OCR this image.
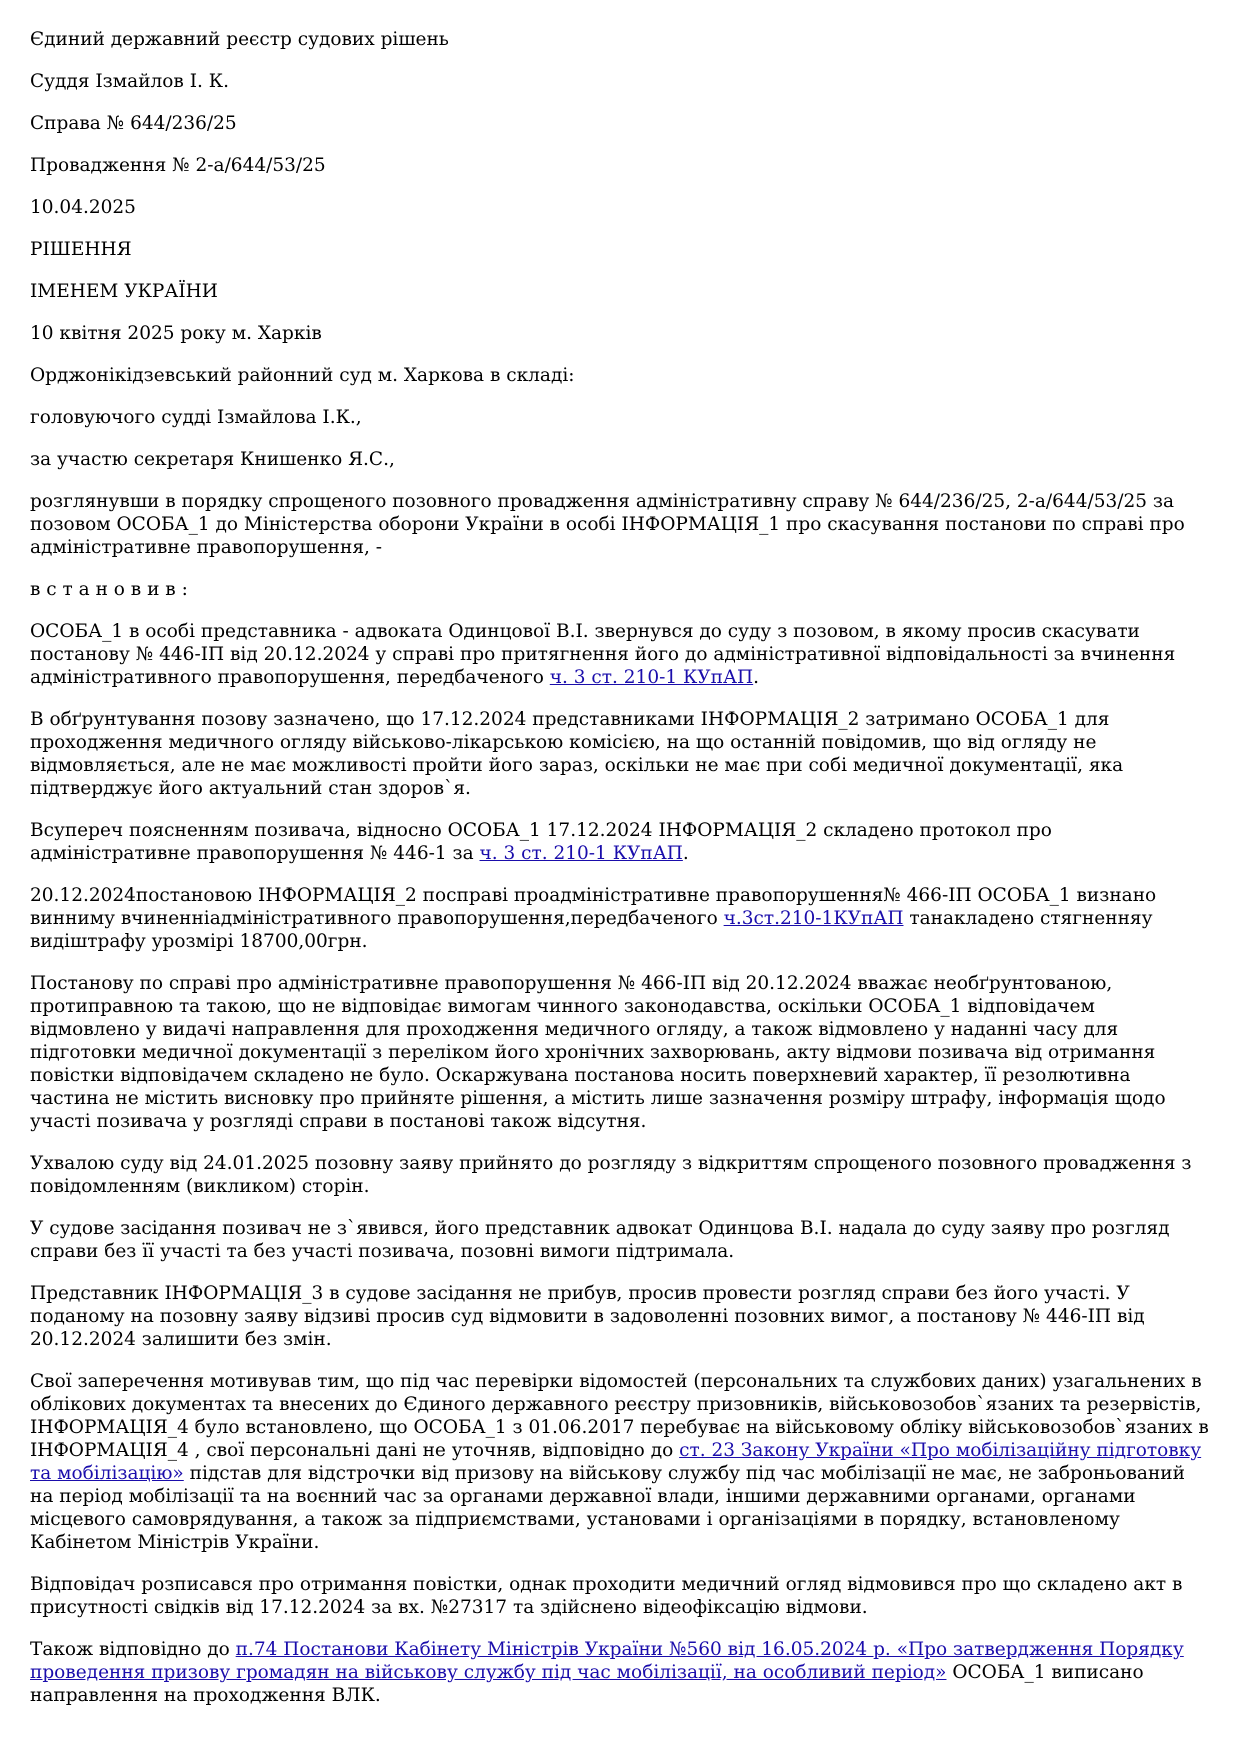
Єдиний державний реєстр судових рішень

Суддя Ізмайлов І. К.

Справа № 644/236/25

Провадження № 2-а/644/53/25

10.04.2025

РІШЕННЯ

ІМЕНЕМ УКРАЇНИ

10 квітня 2025 року м. Харків

Орджонікідзевський районний суд м. Харкова в складі:

головуючого судді Ізмайлова І.К.,

за участю секретаря Книшенко Я.С.,

розглянувши в порядку спрощеного позовного провадження адміністративну справу № 644/236/25, 2-а/644/53/25 за позовом ОСОБА_1 до Міністерства оборони України в особі ІНФОРМАЦІЯ_1 про скасування постанови по справі про адміністративне правопорушення, -

в с т а н о в и в :

ОСОБА_1 в особі представника - адвоката Одинцової В.І. звернувся до суду з позовом, в якому просив скасувати постанову № 446-ІП від 20.12.2024 у справі про притягнення його до адміністративної відповідальності за вчинення адміністративного правопорушення, передбаченого ч. 3 ст. 210-1 КУпАП.

В обґрунтування позову зазначено, що 17.12.2024 представниками ІНФОРМАЦІЯ_2 затримано ОСОБА_1 для проходження медичного огляду військово-лікарською комісією, на що останній повідомив, що від огляду не відмовляється, але не має можливості пройти його зараз, оскільки не має при собі медичної документації, яка підтверджує його актуальний стан здоров`я.

Всупереч поясненням позивача, відносно ОСОБА_1 17.12.2024 ІНФОРМАЦІЯ_2 складено протокол про адміністративне правопорушення № 446-1 за ч. 3 ст. 210-1 КУпАП.

20.12.2024постановою ІНФОРМАЦІЯ_2 посправі проадміністративне правопорушення№ 466-ІП ОСОБА_1 визнано винниму вчиненніадміністративного правопорушення,передбаченого ч.3ст.210-1КУпАП танакладено стягненняу видіштрафу урозмірі 18700,00грн.

Постанову по справі про адміністративне правопорушення № 466-ІП від 20.12.2024 вважає необґрунтованою, протиправною та такою, що не відповідає вимогам чинного законодавства, оскільки ОСОБА_1 відповідачем відмовлено у видачі направлення для проходження медичного огляду, а також відмовлено у наданні часу для підготовки медичної документації з переліком його хронічних захворювань, акту відмови позивача від отримання повістки відповідачем складено не було. Оскаржувана постанова носить поверхневий характер, її резолютивна частина не містить висновку про прийняте рішення, а містить лише зазначення розміру штрафу, інформація щодо участі позивача у розгляді справи в постанові також відсутня.

Ухвалою суду від 24.01.2025 позовну заяву прийнято до розгляду з відкриттям спрощеного позовного провадження з повідомленням (викликом) сторін.

У судове засідання позивач не з`явився, його представник адвокат Одинцова В.І. надала до суду заяву про розгляд справи без її участі та без участі позивача, позовні вимоги підтримала.

Представник ІНФОРМАЦІЯ_3 в судове засідання не прибув, просив провести розгляд справи без його участі. У поданому на позовну заяву відзиві просив суд відмовити в задоволенні позовних вимог, а постанову № 446-ІП від 20.12.2024 залишити без змін.

Свої заперечення мотивував тим, що під час перевірки відомостей (персональних та службових даних) узагальнених в облікових документах та внесених до Єдиного державного реєстру призовників, військовозобов`язаних та резервістів, ІНФОРМАЦІЯ_4 було встановлено, що ОСОБА_1 з 01.06.2017 перебуває на військовому обліку військовозобов`язаних в ІНФОРМАЦІЯ_4 , свої персональні дані не уточняв, відповідно до ст. 23 Закону України «Про мобілізаційну підготовку та мобілізацію» підстав для відстрочки від призову на військову службу під час мобілізації не має, не заброньований на період мобілізації та на воєнний час за органами державної влади, іншими державними органами, органами місцевого самоврядування, а також за підприємствами, установами і організаціями в порядку, встановленому Кабінетом Міністрів України.

Відповідач розписався про отримання повістки, однак проходити медичний огляд відмовився про що складено акт в присутності свідків від 17.12.2024 за вх. №27317 та здійснено відеофіксацію відмови.

Також відповідно до п.74 Постанови Кабінету Міністрів України №560 від 16.05.2024 р. «Про затвердження Порядку проведення призову громадян на військову службу під час мобілізації, на особливий період» ОСОБА_1 виписано направлення на проходження ВЛК.
